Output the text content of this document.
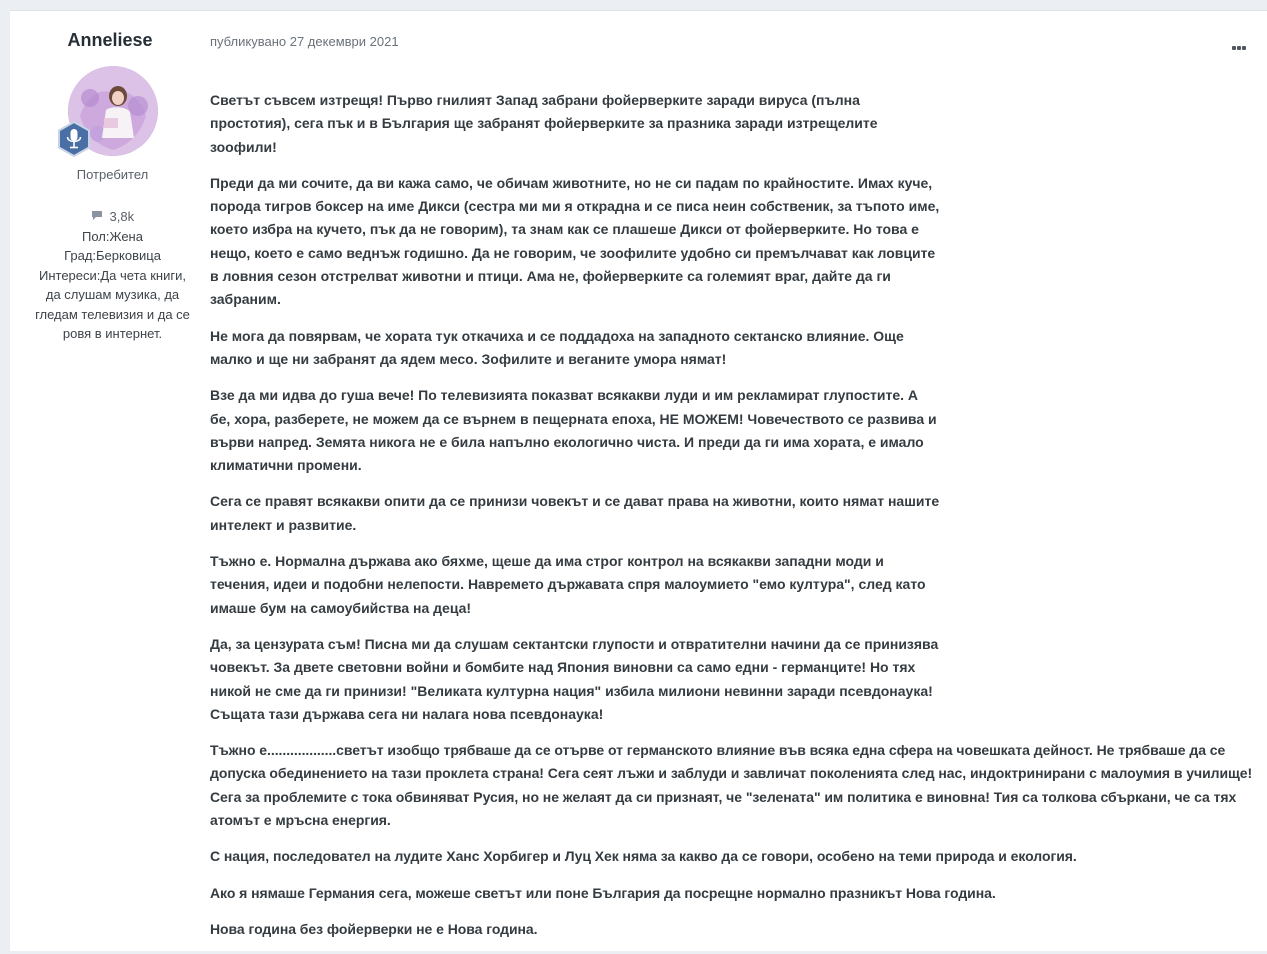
Anneliese
Потребител
3,8k
Пол:Жена
Град:Берковица
Интереси:Да чета книги, да слушам музика, да гледам телевизия и да се ровя в интернет.
публикувано 27 декември 2021

Светът съвсем изтрещя! Първо гнилият Запад забрани фойерверките заради вируса (пълна простотия), сега пък и в България ще забранят фойерверките за празника заради изтрещелите зоофили!

Преди да ми сочите, да ви кажа само, че обичам животните, но не си падам по крайностите. Имах куче, порода тигров боксер на име Дикси (сестра ми ми я открадна и се писа неин собственик, за тъпото име, което избра на кучето, пък да не говорим), та знам как се плашеше Дикси от фойерверките. Но това е нещо, което е само веднъж годишно. Да не говорим, че зоофилите удобно си премълчават как ловците в ловния сезон отстрелват животни и птици. Ама не, фойерверките са големият враг, дайте да ги забраним.

Не мога да повярвам, че хората тук откачиха и се поддадоха на западното сектанско влияние. Още малко и ще ни забранят да ядем месо. Зофилите и веганите умора нямат!

Взе да ми идва до гуша вече! По телевизията показват всякакви луди и им рекламират глупостите. А бе, хора, разберете, не можем да се върнем в пещерната епоха, НЕ МОЖЕМ! Човечеството се развива и върви напред. Земята никога не е била напълно екологично чиста. И преди да ги има хората, е имало климатични промени.

Сега се правят всякакви опити да се принизи човекът и се дават права на животни, които нямат нашите интелект и развитие.

Тъжно е. Нормална държава ако бяхме, щеше да има строг контрол на всякакви западни моди и течения, идеи и подобни нелепости. Навремето държавата спря малоумието "емо култура", след като имаше бум на самоубийства на деца!

Да, за цензурата съм! Писна ми да слушам сектантски глупости и отвратителни начини да се принизява човекът. За двете световни войни и бомбите над Япония виновни са само едни - германците! Но тях никой не сме да ги принизи! "Великата културна нация" избила милиони невинни заради псевдонаука! Същата тази държава сега ни налага нова псевдонаука!

Тъжно е..................светът изобщо трябваше да се отърве от германското влияние във всяка една сфера на човешката дейност. Не трябваше да се допуска обединението на тази проклета страна! Сега сеят лъжи и заблуди и завличат поколенията след нас, индоктринирани с малоумия в училище! Сега за проблемите с тока обвиняват Русия, но не желаят да си признаят, че "зелената" им политика е виновна! Тия са толкова сбъркани, че са тях атомът е мръсна енергия.

С нация, последовател на лудите Ханс Хорбигер и Луц Хек няма за какво да се говори, особено на теми природа и екология.

Ако я нямаше Германия сега, можеше светът или поне България да посрещне нормално празникът Нова година.

Нова година без фойерверки не е Нова година.
